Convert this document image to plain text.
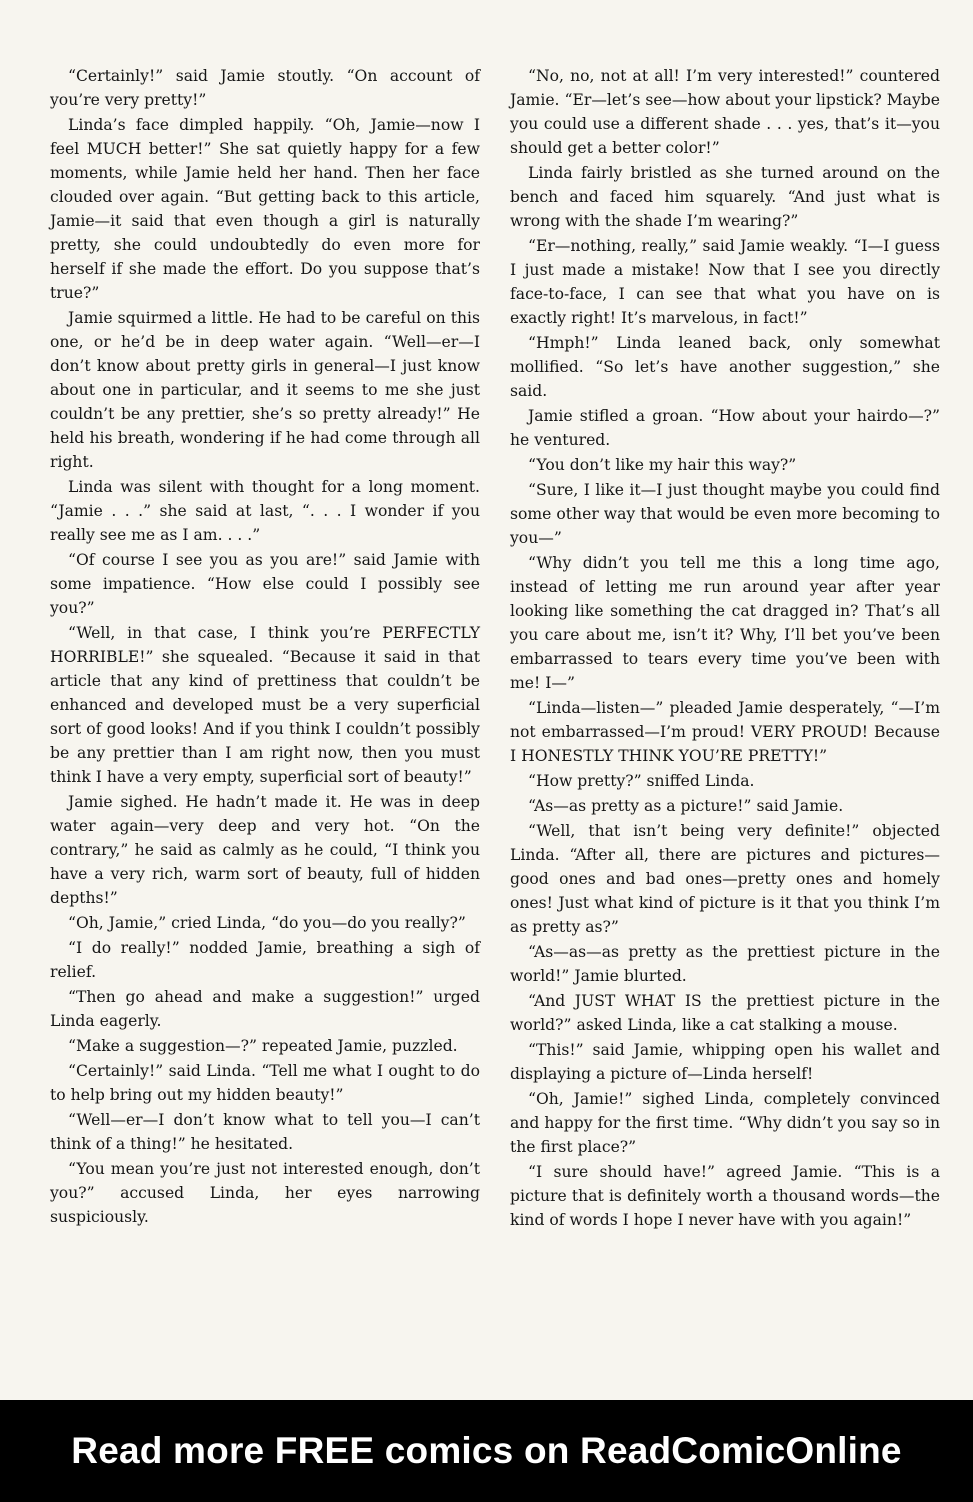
“Certainly!” said Jamie stoutly. “On account of you’re very pretty!”

Linda’s face dimpled happily. “Oh, Jamie—now I feel MUCH better!” She sat quietly happy for a few moments, while Jamie held her hand. Then her face clouded over again. “But getting back to this article, Jamie—it said that even though a girl is naturally pretty, she could undoubtedly do even more for herself if she made the effort. Do you suppose that’s true?”

Jamie squirmed a little. He had to be careful on this one, or he’d be in deep water again. “Well—er—I don’t know about pretty girls in general—I just know about one in particular, and it seems to me she just couldn’t be any prettier, she’s so pretty already!” He held his breath, wondering if he had come through all right.

Linda was silent with thought for a long moment. “Jamie . . .” she said at last, “. . . I wonder if you really see me as I am. . . .”

“Of course I see you as you are!” said Jamie with some impatience. “How else could I possibly see you?”

“Well, in that case, I think you’re PERFECTLY HORRIBLE!” she squealed. “Because it said in that article that any kind of prettiness that couldn’t be enhanced and developed must be a very superficial sort of good looks! And if you think I couldn’t possibly be any prettier than I am right now, then you must think I have a very empty, superficial sort of beauty!”

Jamie sighed. He hadn’t made it. He was in deep water again—very deep and very hot. “On the contrary,” he said as calmly as he could, “I think you have a very rich, warm sort of beauty, full of hidden depths!”

“Oh, Jamie,” cried Linda, “do you—do you really?”

“I do really!” nodded Jamie, breathing a sigh of relief.

“Then go ahead and make a suggestion!” urged Linda eagerly.

“Make a suggestion—?” repeated Jamie, puzzled.

“Certainly!” said Linda. “Tell me what I ought to do to help bring out my hidden beauty!”

“Well—er—I don’t know what to tell you—I can’t think of a thing!” he hesitated.

“You mean you’re just not interested enough, don’t you?” accused Linda, her eyes narrowing suspiciously.

“No, no, not at all! I’m very interested!” countered Jamie. “Er—let’s see—how about your lipstick? Maybe you could use a different shade . . . yes, that’s it—you should get a better color!”

Linda fairly bristled as she turned around on the bench and faced him squarely. “And just what is wrong with the shade I’m wearing?”

“Er—nothing, really,” said Jamie weakly. “I—I guess I just made a mistake! Now that I see you directly face-to-face, I can see that what you have on is exactly right! It’s marvelous, in fact!”

“Hmph!” Linda leaned back, only somewhat mollified. “So let’s have another suggestion,” she said.

Jamie stifled a groan. “How about your hairdo—?” he ventured.

“You don’t like my hair this way?”

“Sure, I like it—I just thought maybe you could find some other way that would be even more becoming to you—”

“Why didn’t you tell me this a long time ago, instead of letting me run around year after year looking like something the cat dragged in? That’s all you care about me, isn’t it? Why, I’ll bet you’ve been embarrassed to tears every time you’ve been with me! I—”

“Linda—listen—” pleaded Jamie desperately, “—I’m not embarrassed—I’m proud! VERY PROUD! Because I HONESTLY THINK YOU’RE PRETTY!”

“How pretty?” sniffed Linda.

“As—as pretty as a picture!” said Jamie.

“Well, that isn’t being very definite!” objected Linda. “After all, there are pictures and pictures—good ones and bad ones—pretty ones and homely ones! Just what kind of picture is it that you think I’m as pretty as?”

“As—as—as pretty as the prettiest picture in the world!” Jamie blurted.

“And JUST WHAT IS the prettiest picture in the world?” asked Linda, like a cat stalking a mouse.

“This!” said Jamie, whipping open his wallet and displaying a picture of—Linda herself!

“Oh, Jamie!” sighed Linda, completely convinced and happy for the first time. “Why didn’t you say so in the first place?”

“I sure should have!” agreed Jamie. “This is a picture that is definitely worth a thousand words—the kind of words I hope I never have with you again!”

Read more FREE comics on ReadComicOnline
